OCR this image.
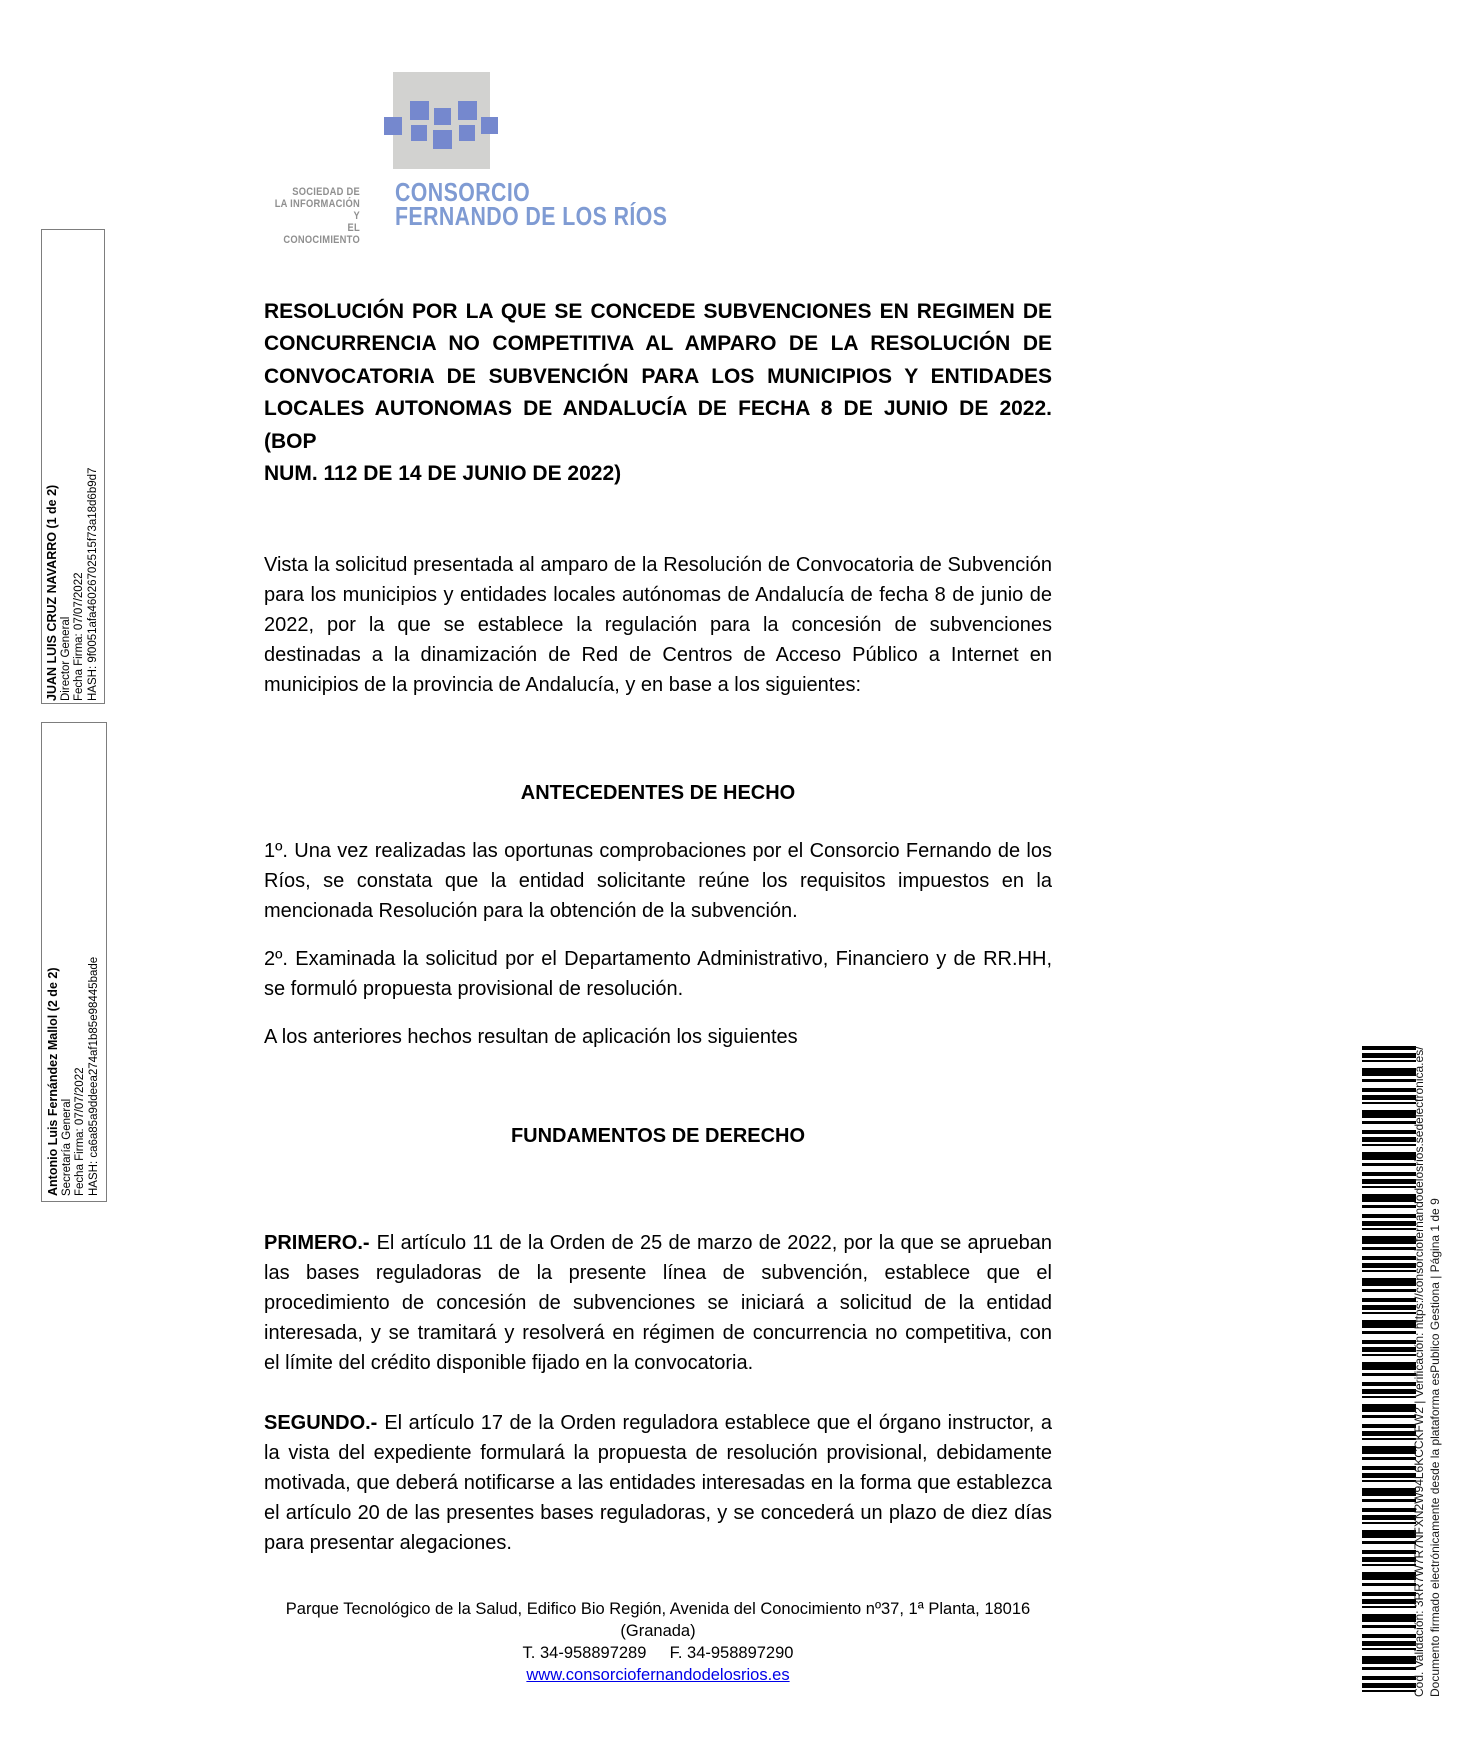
JUAN LUIS CRUZ NAVARRO (1 de 2) Director General Fecha Firma: 07/07/2022 HASH: 9f0051afa46026702515f73a18d6b9d7
Antonio Luis Fernández Mallol (2 de 2) Secretaría General Fecha Firma: 07/07/2022 HASH: ca6a85a9ddeea274af1b85e98445bade
SOCIEDAD DE
LA INFORMACIÓN Y
EL CONOCIMIENTO
CONSORCIO
FERNANDO DE LOS RÍOS
RESOLUCIÓN POR LA QUE SE CONCEDE SUBVENCIONES EN REGIMEN DE
CONCURRENCIA NO COMPETITIVA AL AMPARO DE LA RESOLUCIÓN DE
CONVOCATORIA DE SUBVENCIÓN PARA LOS MUNICIPIOS Y ENTIDADES
LOCALES AUTONOMAS DE ANDALUCÍA DE FECHA 8 DE JUNIO DE 2022. (BOP
NUM. 112 DE 14 DE JUNIO DE 2022)
Vista la solicitud presentada al amparo de la Resolución de Convocatoria de Subvención
para los municipios y entidades locales autónomas de Andalucía de fecha 8 de junio de
2022, por la que se establece la regulación para la concesión de subvenciones
destinadas a la dinamización de Red de Centros de Acceso Público a Internet en
municipios de la provincia de Andalucía, y en base a los siguientes:
ANTECEDENTES DE HECHO
1º. Una vez realizadas las oportunas comprobaciones por el Consorcio Fernando de los
Ríos, se constata que la entidad solicitante reúne los requisitos impuestos en la
mencionada Resolución para la obtención de la subvención.
2º. Examinada la solicitud por el Departamento Administrativo, Financiero y de RR.HH,
se formuló propuesta provisional de resolución.
A los anteriores hechos resultan de aplicación los siguientes
FUNDAMENTOS DE DERECHO
PRIMERO.- El artículo 11 de la Orden de 25 de marzo de 2022, por la que se aprueban
las bases reguladoras de la presente línea de subvención, establece que el
procedimiento de concesión de subvenciones se iniciará a solicitud de la entidad
interesada, y se tramitará y resolverá en régimen de concurrencia no competitiva, con
el límite del crédito disponible fijado en la convocatoria.
SEGUNDO.- El artículo 17 de la Orden reguladora establece que el órgano instructor, a
la vista del expediente formulará la propuesta de resolución provisional, debidamente
motivada, que deberá notificarse a las entidades interesadas en la forma que establezca
el artículo 20 de las presentes bases reguladoras, y se concederá un plazo de diez días
para presentar alegaciones.
Parque Tecnológico de la Salud, Edifico Bio Región, Avenida del Conocimiento nº37, 1ª Planta, 18016
(Granada)
T. 34-958897289 F. 34-958897290
www.consorciofernandodelosrios.es	Cód. Validación: 3RR7W7R7NFXN2W94L6KCCKFW2 | Verificación: https://consorciofernandodelosrios.sedelectronica.es/ Documento firmado electrónicamente desde la plataforma esPublico Gestiona | Página 1 de 9
